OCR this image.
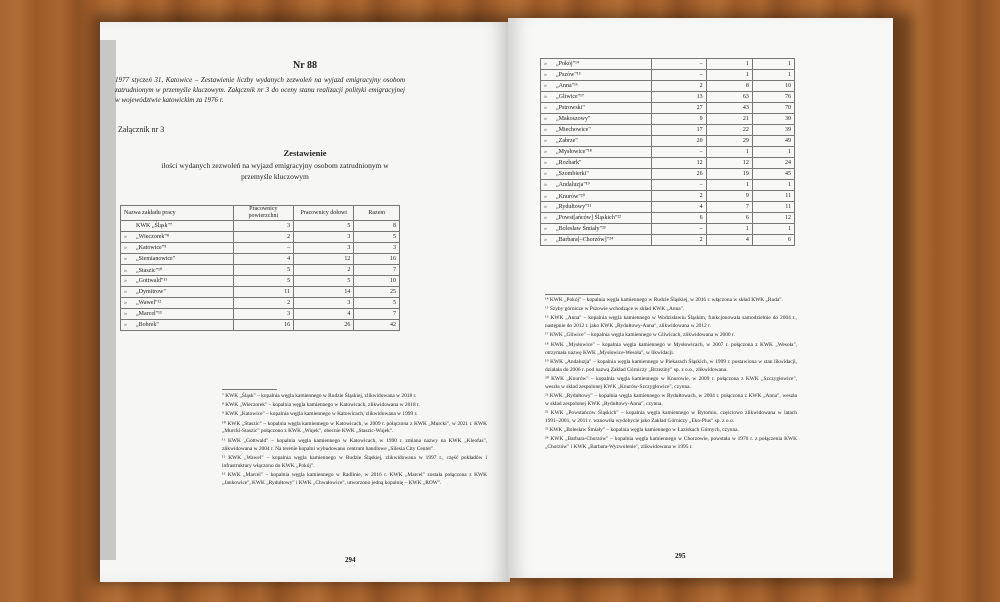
Nr 88
1977 styczeń 31, Katowice – Zestawienie liczby wydanych zezwoleń na wyjazd emigracyjny osobom zatrudnionym w przemyśle kluczowym. Załącznik nr 3 do oceny stanu realizacji polityki emigracyjnej w województwie katowickim za 1976 r.
Załącznik nr 3
Zestawienie
ilości wydanych zezwoleń na wyjazd emigracyjny osobom zatrudnionym w przemyśle kluczowym
Nazwa zakładu pracy	Pracownicy powierzchni	Pracownicy dołowi	Razem
KWK „Śląsk"⁷	3	5	8
» „Wieczorek"⁸	2	3	5
» „Katowice"⁹	–	3	3
» „Siemianowice"	4	12	16
» „Staszic"¹⁰	5	2	7
» „Gottwald"¹¹	5	5	10
» „Dymitrow"	11	14	25
» „Wawel"¹²	2	3	5
» „Marcel"¹³	3	4	7
» „Bobrek"	16	26	42

⁷ KWK „Śląsk" – kopalnia węgla kamiennego w Rudzie Śląskiej, zlikwidowana w 2018 r.

⁸ KWK „Wieczorek" – kopalnia węgla kamiennego w Katowicach, zlikwidowana w 2018 r.

⁹ KWK „Katowice" – kopalnia węgla kamiennego w Katowicach, zlikwidowana w 1999 r.

¹⁰ KWK „Staszic" – kopalnia węgla kamiennego w Katowicach, w 2009 r. połączona z KWK „Murcki", w 2021 r. KWK „Murcki-Staszic" połączono z KWK „Wujek", obecnie KWK „Staszic-Wujek".

¹¹ KWK „Gottwald" – kopalnia węgla kamiennego w Katowicach, w 1990 r. zmiana nazwy na KWK „Kleofas", zlikwidowana w 2004 r. Na terenie kopalni wybudowano centrum handlowe „Silesia City Center".

¹² KWK „Wawel" – kopalnia węgla kamiennego w Rudzie Śląskiej, zlikwidowana w 1997 r., część pokładów i infrastruktury włączono do KWK „Pokój".

¹³ KWK „Marcel" – kopalnia węgla kamiennego w Radlinie, w 2016 r. KWK „Marcel" została połączona z KWK „Jankowice", KWK „Rydułtowy" i KWK „Chwałowice", utworzono jedną kopalnię – KWK „ROW".

294
» „Pokój"¹⁴	–	1	1
» „Pszów"¹⁵	–	1	1
» „Anna"¹⁶	2	8	10
» „Gliwice"¹⁷	13	63	76
» „Pstrowski"	27	43	70
» „Makoszowy"	9	21	30
» „Miechowice"	17	22	39
» „Zabrze"	20	29	49
» „Mysłowice"¹⁸	–	1	1
» „Rozbark"	12	12	24
» „Szombierki"	26	19	45
» „Andaluzja"¹⁹	–	1	1
» „Knurów"²⁰	2	9	11
» „Rydułtowy"²¹	4	7	11
» „Powst[ańców] Śląskich"²²	6	6	12
» „Bolesław Śmiały"²³	–	1	1
» „Barbara[–Chorzów]"²⁴	2	4	6

¹⁴ KWK „Pokój" – kopalnia węgla kamiennego w Rudzie Śląskiej, w 2016 r. włączona w skład KWK „Ruda".

¹⁵ Szyby górnicze w Pszowie wchodzące w skład KWK „Anna".

¹⁶ KWK „Anna" – kopalnia węgla kamiennego w Wodzisławiu Śląskim, funkcjonowała samodzielnie do 2004 r., następnie do 2012 r. jako KWK „Rydułtowy-Anna", zlikwidowana w 2012 r.

¹⁷ KWK „Gliwice" – kopalnia węgla kamiennego w Gliwicach, zlikwidowana w 2000 r.

¹⁸ KWK „Mysłowice" – kopalnia węgla kamiennego w Mysłowicach, w 2007 r. połączona z KWK „Wesoła", otrzymała nazwę KWK „Mysłowice-Wesoła", w likwidacji.

¹⁹ KWK „Andaluzja" – kopalnia węgla kamiennego w Piekarach Śląskich, w 1999 r. postawiona w stan likwidacji, działała do 2006 r. pod nazwą Zakład Górniczy „Brzeziny" sp. z o.o., zlikwidowana.

²⁰ KWK „Knurów" – kopalnia węgla kamiennego w Knurowie, w 2009 r. połączona z KWK „Szczygłowice", weszła w skład zespolonej KWK „Knurów-Szczygłowice", czynna.

²¹ KWK „Rydułtowy" – kopalnia węgla kamiennego w Rydułtowach, w 2004 r. połączona z KWK „Anna", weszła w skład zespolonej KWK „Rydułtowy-Anna", czynna.

²² KWK „Powstańców Śląskich" – kopalnia węgla kamiennego w Bytomiu, częściowo zlikwidowana w latach 1991–2001, w 2011 r. wznowiła wydobycie jako Zakład Górniczy „Eko-Plus" sp. z o.o.

²³ KWK „Bolesław Śmiały" – kopalnia węgla kamiennego w Łaziskach Górnych, czynna.

²⁴ KWK „Barbara-Chorzów" – kopalnia węgla kamiennego w Chorzowie, powstała w 1970 r. z połączenia KWK „Chorzów" i KWK „Barbara-Wyzwolenie", zlikwidowana w 1995 r.

295
